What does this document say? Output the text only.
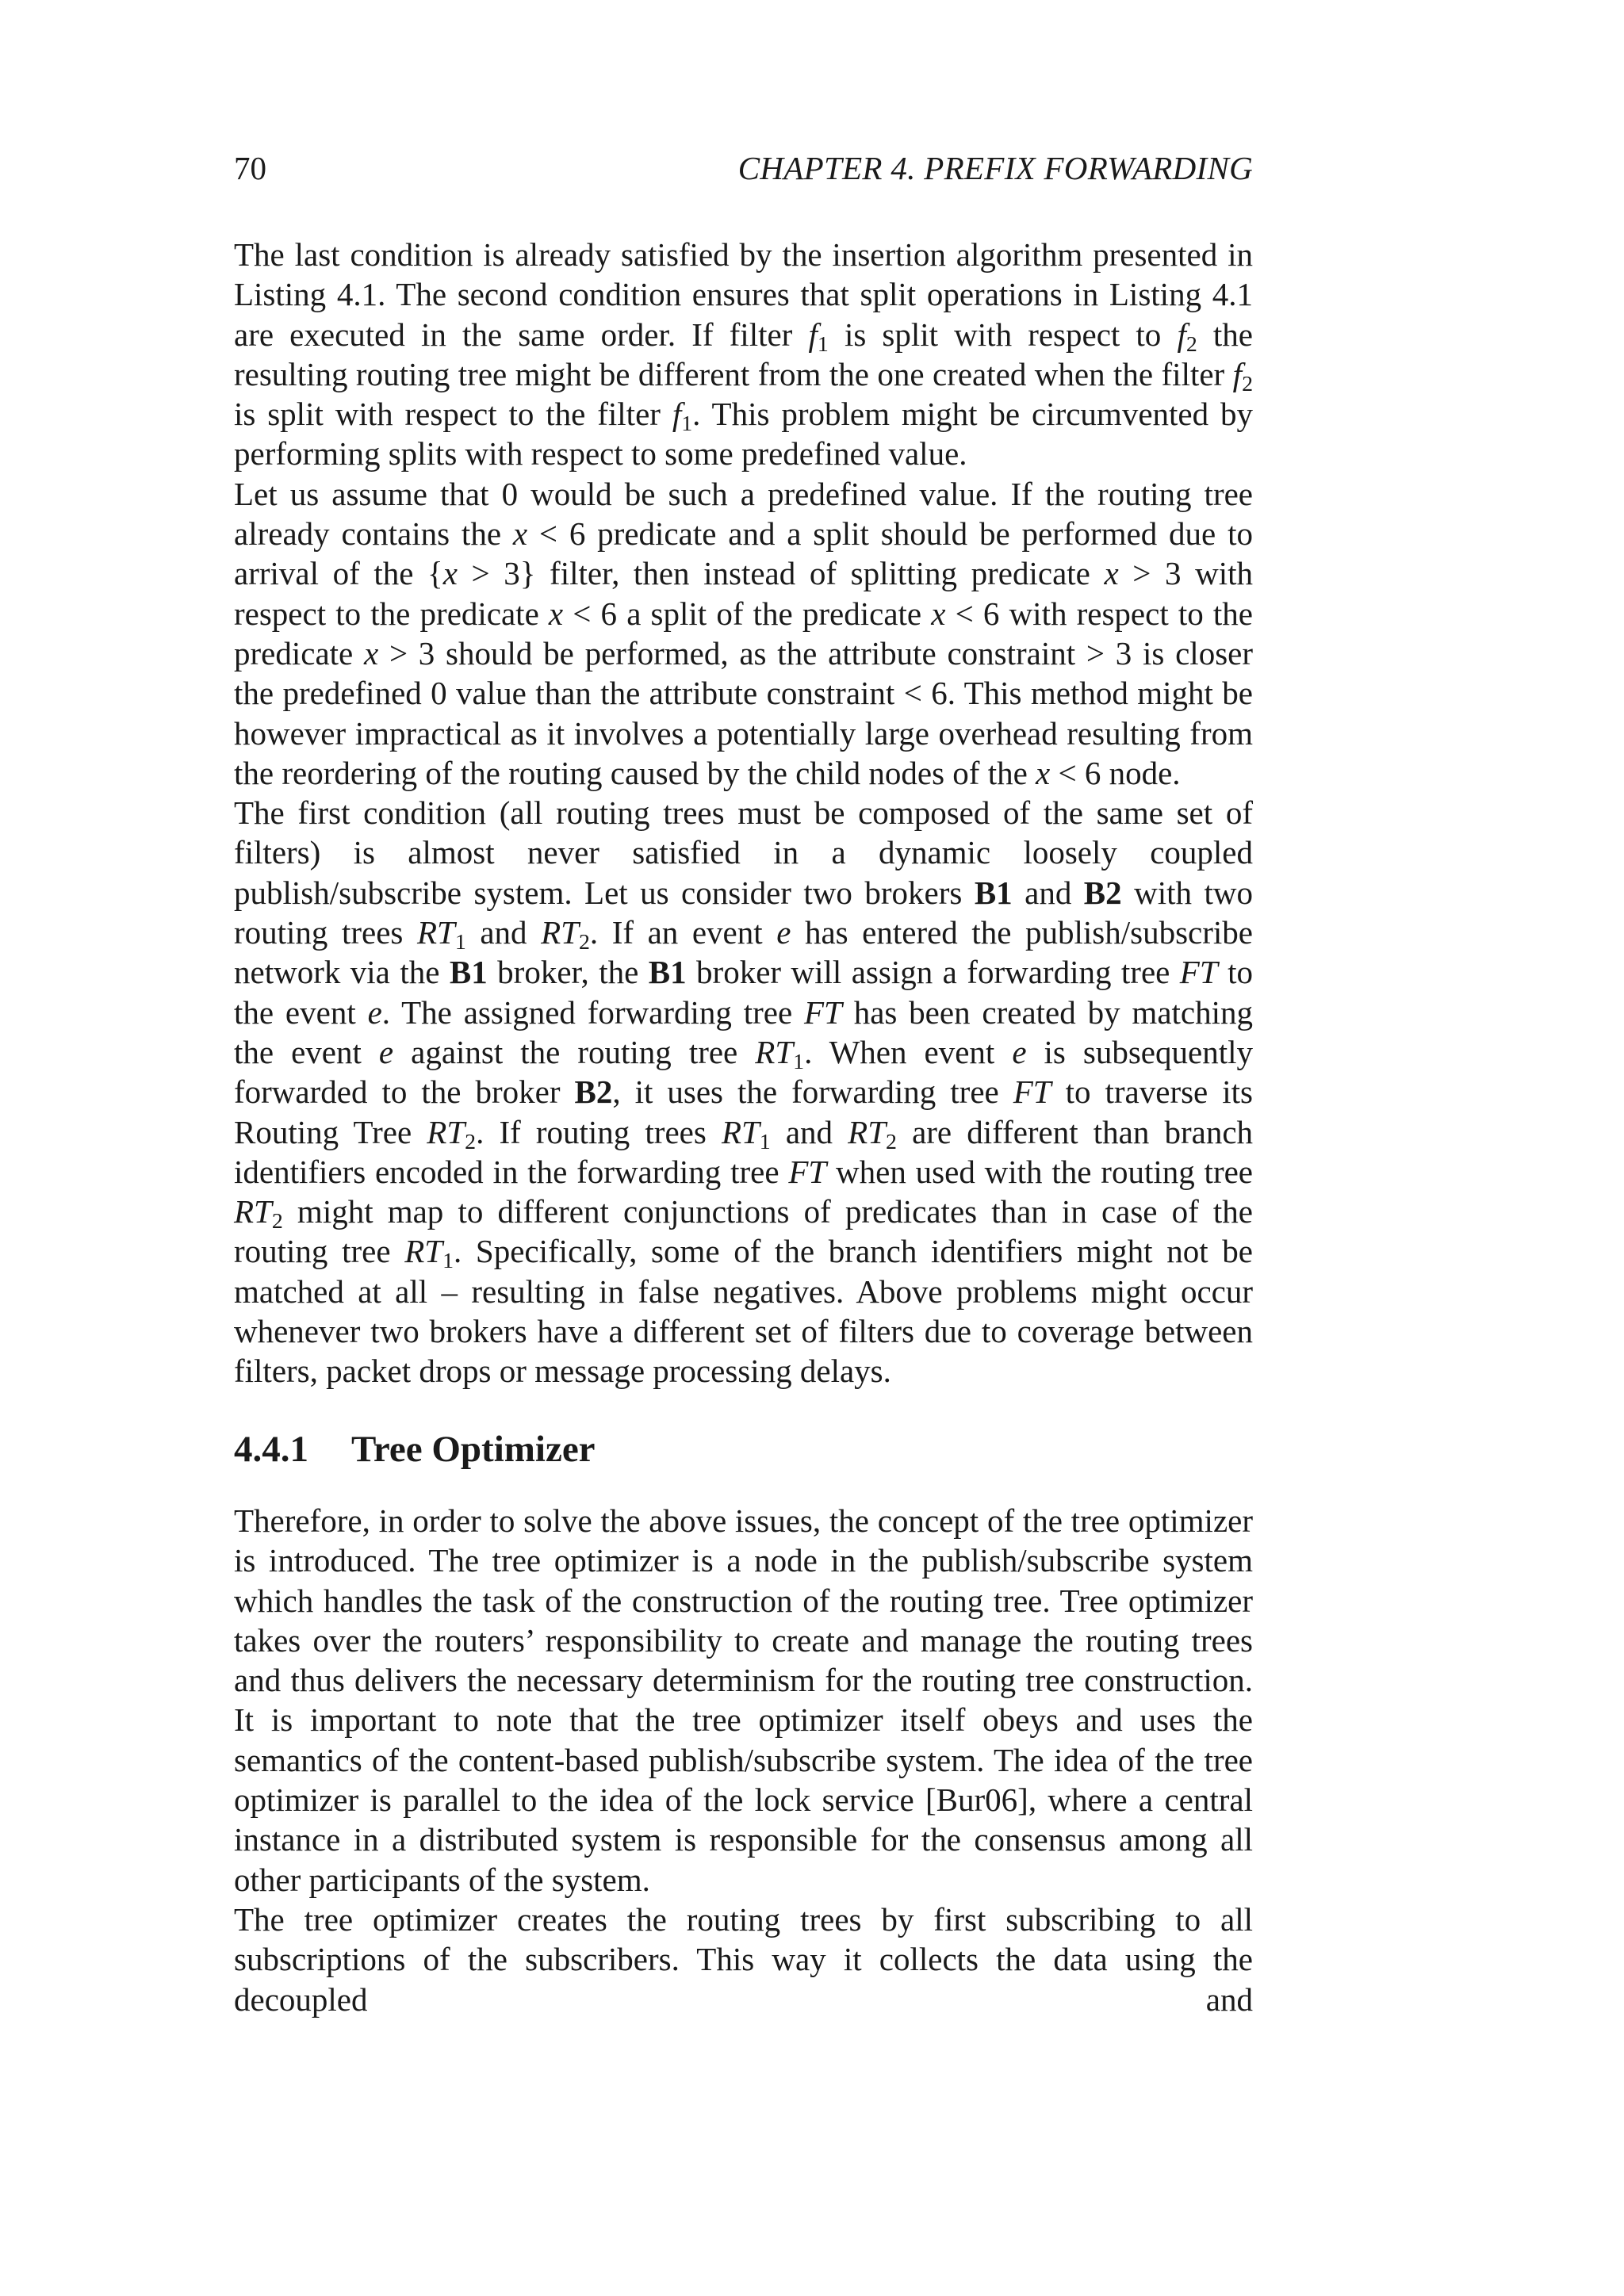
70	CHAPTER 4. PREFIX FORWARDING

The last condition is already satisfied by the insertion algorithm presented in Listing 4.1. The second condition ensures that split operations in Listing 4.1 are executed in the same order. If filter $f_1$ is split with respect to $f_2$ the resulting routing tree might be different from the one created when the filter $f_2$ is split with respect to the filter $f_1$. This problem might be circumvented by performing splits with respect to some predefined value.

Let us assume that 0 would be such a predefined value. If the routing tree already contains the x < 6 predicate and a split should be performed due to arrival of the {x > 3} filter, then instead of splitting predicate x > 3 with respect to the predicate x < 6 a split of the predicate x < 6 with respect to the predicate x > 3 should be performed, as the attribute constraint > 3 is closer the predefined 0 value than the attribute constraint < 6. This method might be however impractical as it involves a potentially large overhead resulting from the reordering of the routing caused by the child nodes of the x < 6 node.

The first condition (all routing trees must be composed of the same set of filters) is almost never satisfied in a dynamic loosely coupled publish/subscribe system. Let us consider two brokers B1 and B2 with two routing trees $RT_1$ and $RT_2$. If an event e has entered the publish/subscribe network via the B1 broker, the B1 broker will assign a forwarding tree FT to the event e. The assigned forwarding tree FT has been created by matching the event e against the routing tree $RT_1$. When event e is subsequently forwarded to the broker B2, it uses the forwarding tree FT to traverse its Routing Tree $RT_2$. If routing trees $RT_1$ and $RT_2$ are different than branch identifiers encoded in the forwarding tree FT when used with the routing tree $RT_2$ might map to different conjunctions of predicates than in case of the routing tree $RT_1$. Specifically, some of the branch identifiers might not be matched at all – resulting in false negatives. Above problems might occur whenever two brokers have a different set of filters due to coverage between filters, packet drops or message processing delays.

4.4.1 Tree Optimizer

Therefore, in order to solve the above issues, the concept of the tree optimizer is introduced. The tree optimizer is a node in the publish/subscribe system which handles the task of the construction of the routing tree. Tree optimizer takes over the routers’ responsibility to create and manage the routing trees and thus delivers the necessary determinism for the routing tree construction. It is important to note that the tree optimizer itself obeys and uses the semantics of the content-based publish/subscribe system. The idea of the tree optimizer is parallel to the idea of the lock service [Bur06], where a central instance in a distributed system is responsible for the consensus among all other participants of the system.

The tree optimizer creates the routing trees by first subscribing to all subscriptions of the subscribers. This way it collects the data using the decoupled and
